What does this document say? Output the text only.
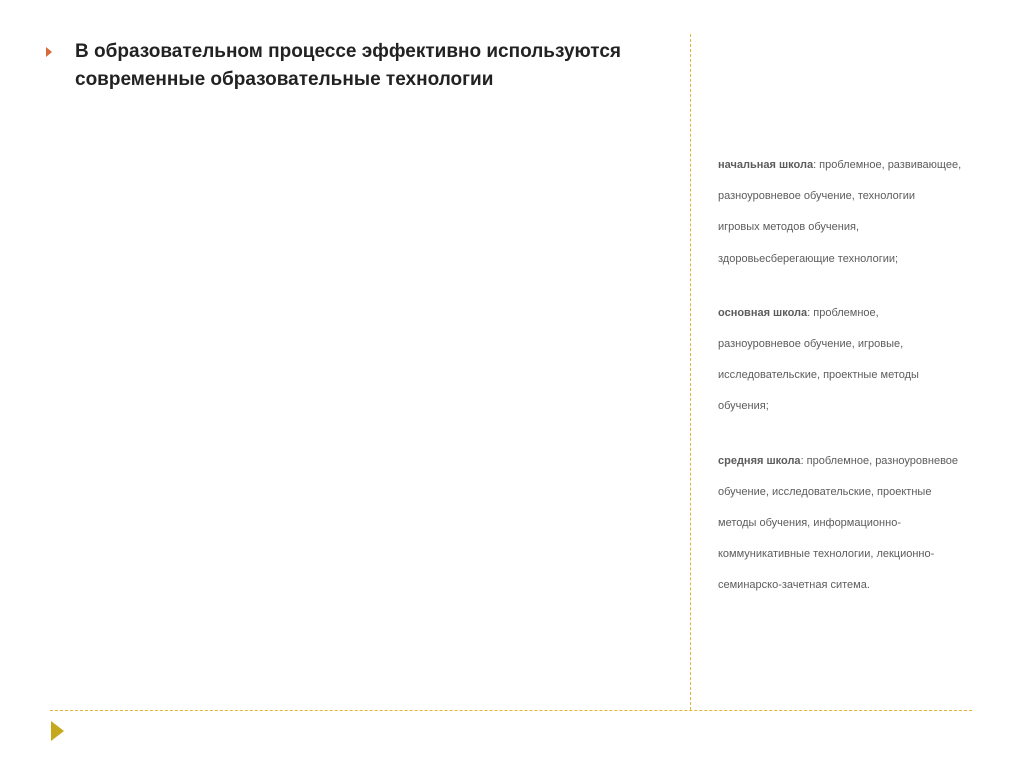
В образовательном процессе эффективно используются
современные образовательные технологии
начальная школа: проблемное, развивающее,
разноуровневое обучение, технологии
игровых методов обучения,
здоровьесберегающие технологии;
основная школа: проблемное,
разноуровневое обучение, игровые,
исследовательские, проектные методы
обучения;
средняя школа: проблемное, разноуровневое
обучение, исследовательские, проектные
методы обучения, информационно-
коммуникативные технологии, лекционно-
семинарско-зачетная ситема.
